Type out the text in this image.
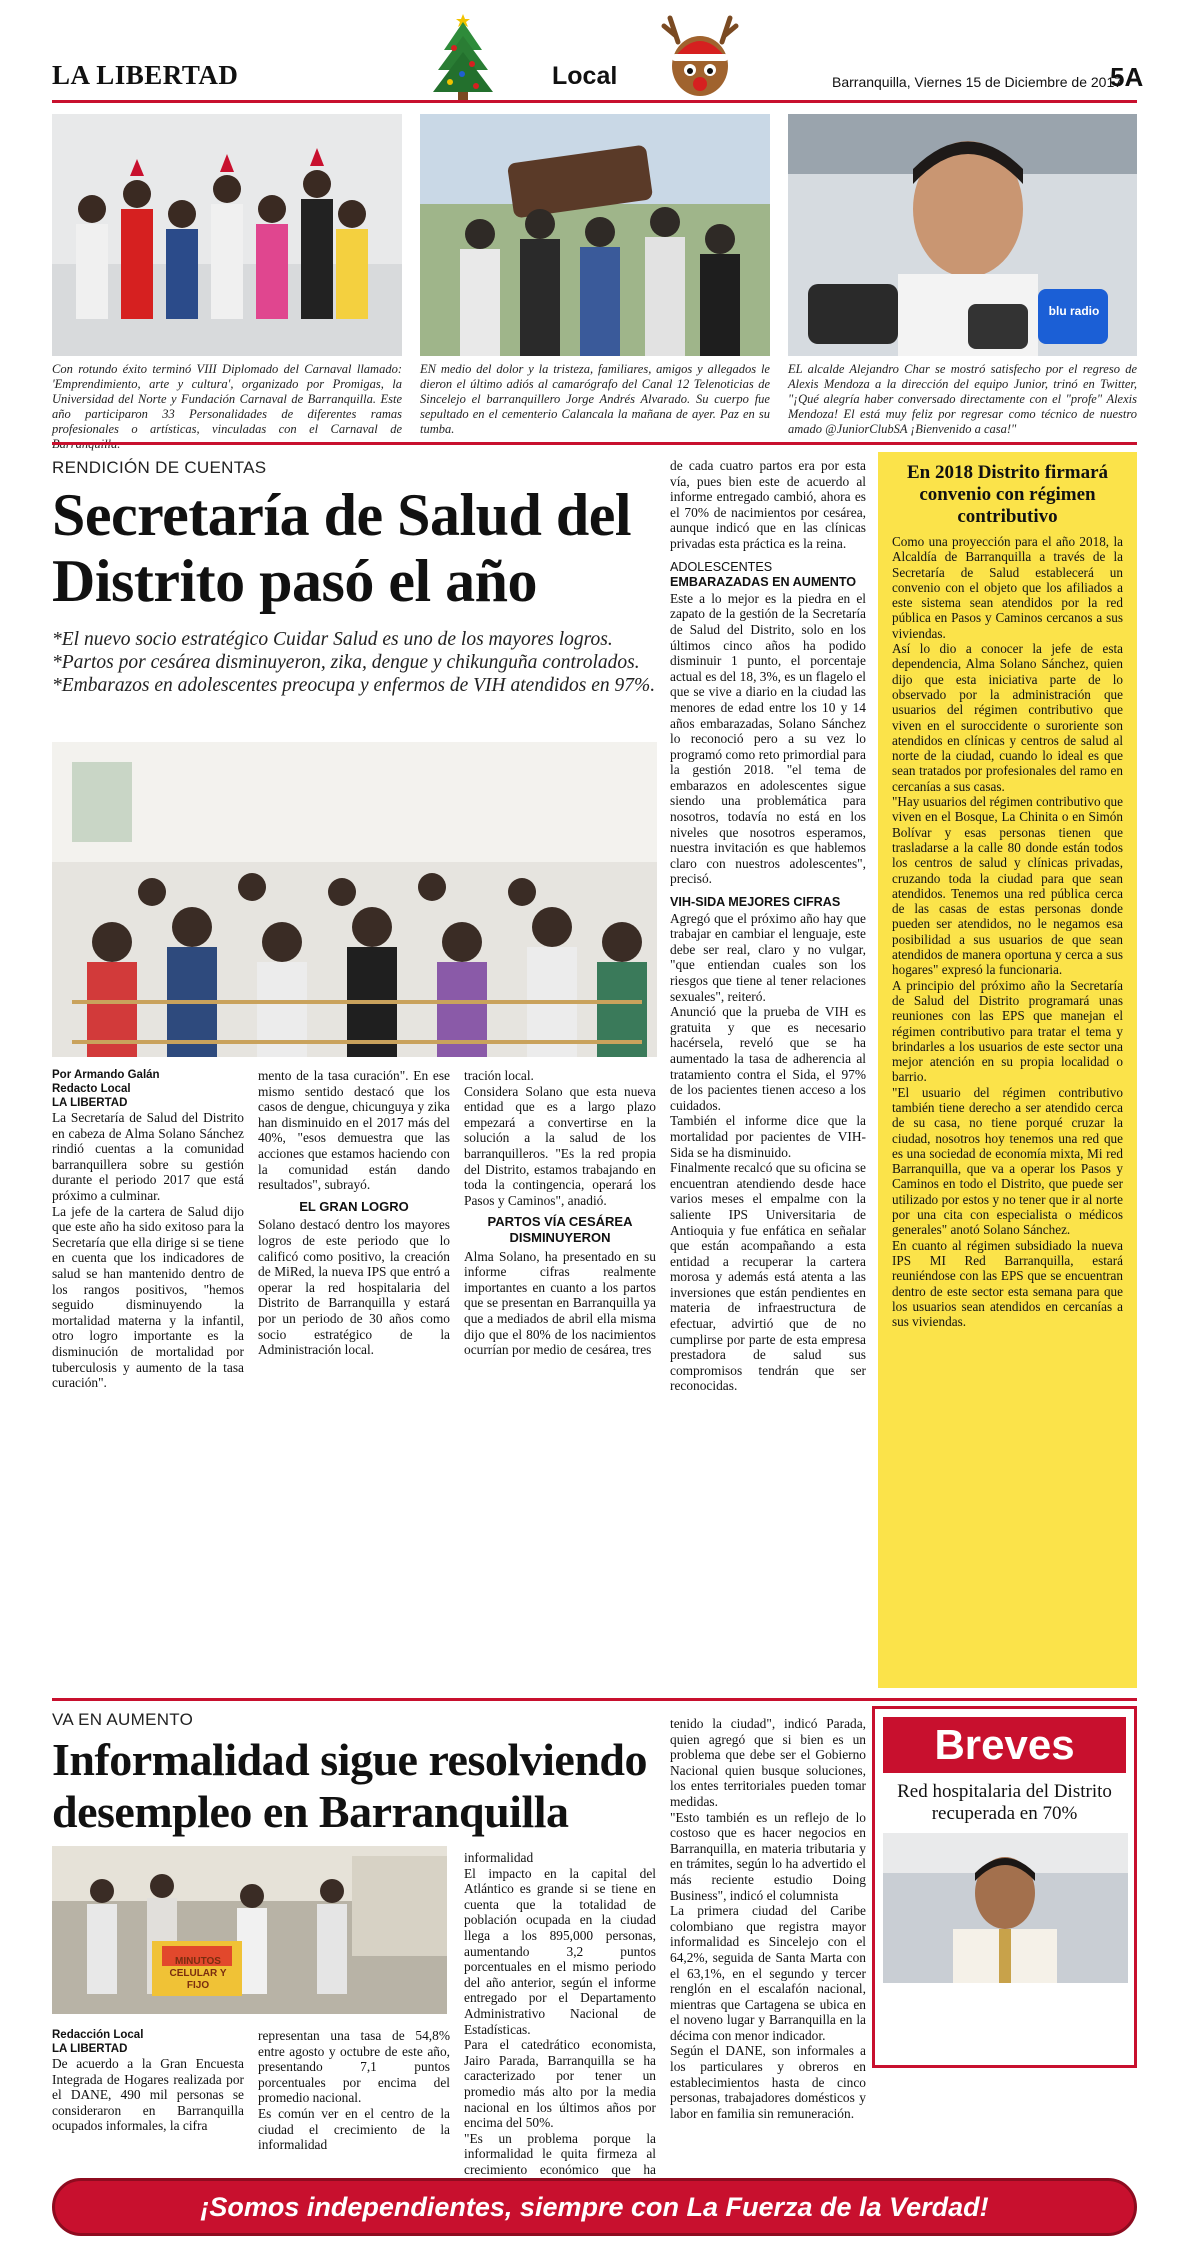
LA LIBERTAD	Local	Barranquilla, Viernes 15 de Diciembre de 2017
5A
blu radio
Con rotundo éxito terminó VIII Diplomado del Carnaval llamado: 'Emprendimiento, arte y cultura', organizado por Promigas, la Universidad del Norte y Fundación Carnaval de Barranquilla. Este año participaron 33 Personalidades de diferentes ramas profesionales o artísticas, vinculadas con el Carnaval de
EN medio del dolor y la tristeza, familiares, amigos y allegados le dieron el último adiós al camarógrafo del Canal 12 Telenoticias de Sincelejo el barranquillero Jorge Andrés Alvarado. Su cuerpo fue sepultado en el cementerio Calancala la mañana de ayer. Paz en su tumba.
EL alcalde Alejandro Char se mostró satisfecho por el regreso de Alexis Mendoza a la dirección del equipo Junior, trinó en Twitter, "¡Qué alegría haber conversado directamente con el "profe" Alexis Mendoza! El está muy feliz por regresar como técnico de nuestro amado @JuniorClubSA ¡Bienvenido a casa!"
RENDICIÓN DE CUENTAS
Secretaría de Salud del
Distrito pasó el año
*El nuevo socio estratégico Cuidar Salud es uno de los mayores logros. *Partos por cesárea disminuyeron, zika, dengue y chikunguña controlados. *Embarazos en adolescentes preocupa y enfermos de VIH atendidos en 97%.
Por Armando Galán
Redacto Local
LA LIBERTAD

La Secretaría de Salud del Distrito en cabeza de Alma Solano Sánchez rindió cuentas a la comunidad barranquillera sobre su gestión durante el periodo 2017 que está próximo a culminar.

La jefe de la cartera de Salud dijo que este año ha sido exitoso para la Secretaría que ella dirige si se tiene en cuenta que los indicadores de salud se han mantenido dentro de los rangos positivos, "hemos seguido disminuyendo la mortalidad materna y la infantil, otro logro importante es la disminución de mortalidad por tuberculosis y aumento de la tasa curación".

mento de la tasa curación". En ese mismo sentido destacó que los casos de dengue, chicunguya y zika han disminuido en el 2017 más del 40%, "esos demuestra que las acciones que estamos haciendo con la comunidad están dando resultados", subrayó.

EL GRAN LOGRO

Solano destacó dentro los mayores logros de este periodo que lo calificó como positivo, la creación de MiRed, la nueva IPS que entró a operar la red hospitalaria del Distrito de Barranquilla y estará por un periodo de 30 años como socio estratégico de la Administración local.

tración local.

Considera Solano que esta nueva entidad que es a largo plazo empezará a convertirse en la solución a la salud de los barranquilleros. "Es la red propia del Distrito, estamos trabajando en toda la contingencia, operará los Pasos y Caminos", anadió.

PARTOS VÍA CESÁREA DISMINUYERON

Alma Solano, ha presentado en su informe cifras realmente importantes en cuanto a los partos que se presentan en Barranquilla ya que a mediados de abril ella misma dijo que el 80% de los nacimientos ocurrían por medio de cesárea, tres

de cada cuatro partos era por esta vía, pues bien este de acuerdo al informe entregado cambió, ahora es el 70% de nacimientos por cesárea, aunque indicó que en las clínicas privadas esta práctica es la reina.

ADOLESCENTES
EMBARAZADAS EN AUMENTO

Este a lo mejor es la piedra en el zapato de la gestión de la Secretaría de Salud del Distrito, solo en los últimos cinco años ha podido disminuir 1 punto, el porcentaje actual es del 18, 3%, es un flagelo el que se vive a diario en la ciudad las menores de edad entre los 10 y 14 años embarazadas, Solano Sánchez lo reconoció pero a su vez lo programó como reto primordial para la gestión 2018. "el tema de embarazos en adolescentes sigue siendo una problemática para nosotros, todavía no está en los niveles que nosotros esperamos, nuestra invitación es que hablemos claro con nuestros adolescentes", precisó.

VIH-SIDA MEJORES CIFRAS

Agregó que el próximo año hay que trabajar en cambiar el lenguaje, este debe ser real, claro y no vulgar, "que entiendan cuales son los riesgos que tiene al tener relaciones sexuales", reiteró.

Anunció que la prueba de VIH es gratuita y que es necesario hacérsela, reveló que se ha aumentado la tasa de adherencia al tratamiento contra el Sida, el 97% de los pacientes tienen acceso a los cuidados.

También el informe dice que la mortalidad por pacientes de VIH-Sida se ha disminuido.

Finalmente recalcó que su oficina se encuentran atendiendo desde hace varios meses el empalme con la saliente IPS Universitaria de Antioquia y fue enfática en señalar que están acompañando a esta entidad a recuperar la cartera morosa y además está atenta a las inversiones que están pendientes en materia de infraestructura de efectuar, advirtió que de no cumplirse por parte de esta empresa prestadora de salud sus compromisos tendrán que ser reconocidas.

En 2018 Distrito firmará convenio con régimen contributivo

Como una proyección para el año 2018, la Alcaldía de Barranquilla a través de la Secretaría de Salud establecerá un convenio con el objeto que los afiliados a este sistema sean atendidos por la red pública en Pasos y Caminos cercanos a sus viviendas.

Así lo dio a conocer la jefe de esta dependencia, Alma Solano Sánchez, quien dijo que esta iniciativa parte de lo observado por la administración que usuarios del régimen contributivo que viven en el suroccidente o suroriente son atendidos en clínicas y centros de salud al norte de la ciudad, cuando lo ideal es que sean tratados por profesionales del ramo en cercanías a sus casas.

"Hay usuarios del régimen contributivo que viven en el Bosque, La Chinita o en Simón Bolívar y esas personas tienen que trasladarse a la calle 80 donde están todos los centros de salud y clínicas privadas, cruzando toda la ciudad para que sean atendidos. Tenemos una red pública cerca de las casas de estas personas donde pueden ser atendidos, no le negamos esa posibilidad a sus usuarios de que sean atendidos de manera oportuna y cerca a sus hogares" expresó la funcionaria.

A principio del próximo año la Secretaría de Salud del Distrito programará unas reuniones con las EPS que manejan el régimen contributivo para tratar el tema y brindarles a los usuarios de este sector una mejor atención en su propia localidad o barrio.

"El usuario del régimen contributivo también tiene derecho a ser atendido cerca de su casa, no tiene porqué cruzar la ciudad, nosotros hoy tenemos una red que es una sociedad de economía mixta, Mi red Barranquilla, que va a operar los Pasos y Caminos en todo el Distrito, que puede ser utilizado por estos y no tener que ir al norte por una cita con especialista o médicos generales" anotó Solano Sánchez.

En cuanto al régimen subsidiado la nueva IPS MI Red Barranquilla, estará reuniéndose con las EPS que se encuentran dentro de este sector esta semana para que los usuarios sean atendidos en cercanías a sus viviendas.

VA EN AUMENTO
Informalidad sigue resolviendo
desempleo en Barranquilla
MINUTOS CELULAR Y FIJO
Redacción Local
LA LIBERTAD

De acuerdo a la Gran Encuesta Integrada de Hogares realizada por el DANE, 490 mil personas se consideraron en Barranquilla ocupados informales, la cifra

representan una tasa de 54,8% entre agosto y octubre de este año, presentando 7,1 puntos porcentuales por encima del promedio nacional.

Es común ver en el centro de la ciudad el crecimiento de la informalidad

informalidad

El impacto en la capital del Atlántico es grande si se tiene en cuenta que la totalidad de población ocupada en la ciudad llega a los 895,000 personas, aumentando 3,2 puntos porcentuales en el mismo periodo del año anterior, según el informe entregado por el Departamento Administrativo Nacional de Estadísticas.

Para el catedrático economista, Jairo Parada, Barranquilla se ha caracterizado por tener un promedio más alto por la media nacional en los últimos años por encima del 50%.

"Es un problema porque la informalidad le quita firmeza al crecimiento económico que ha

tenido la ciudad", indicó Parada, quien agregó que si bien es un problema que debe ser el Gobierno Nacional quien busque soluciones, los entes territoriales pueden tomar medidas.

"Esto también es un reflejo de lo costoso que es hacer negocios en Barranquilla, en materia tributaria y en trámites, según lo ha advertido el más reciente estudio Doing Business", indicó el columnista

La primera ciudad del Caribe colombiano que registra mayor informalidad es Sincelejo con el 64,2%, seguida de Santa Marta con el 63,1%, en el segundo y tercer renglón en el escalafón nacional, mientras que Cartagena se ubica en el noveno lugar y Barranquilla en la décima con menor indicador.

Según el DANE, son informales a los particulares y obreros en establecimientos hasta de cinco personas, trabajadores domésticos y labor en familia sin remuneración.

Breves
Red hospitalaria del Distrito recuperada en 70%
¡Somos independientes, siempre con La Fuerza de la Verdad!
